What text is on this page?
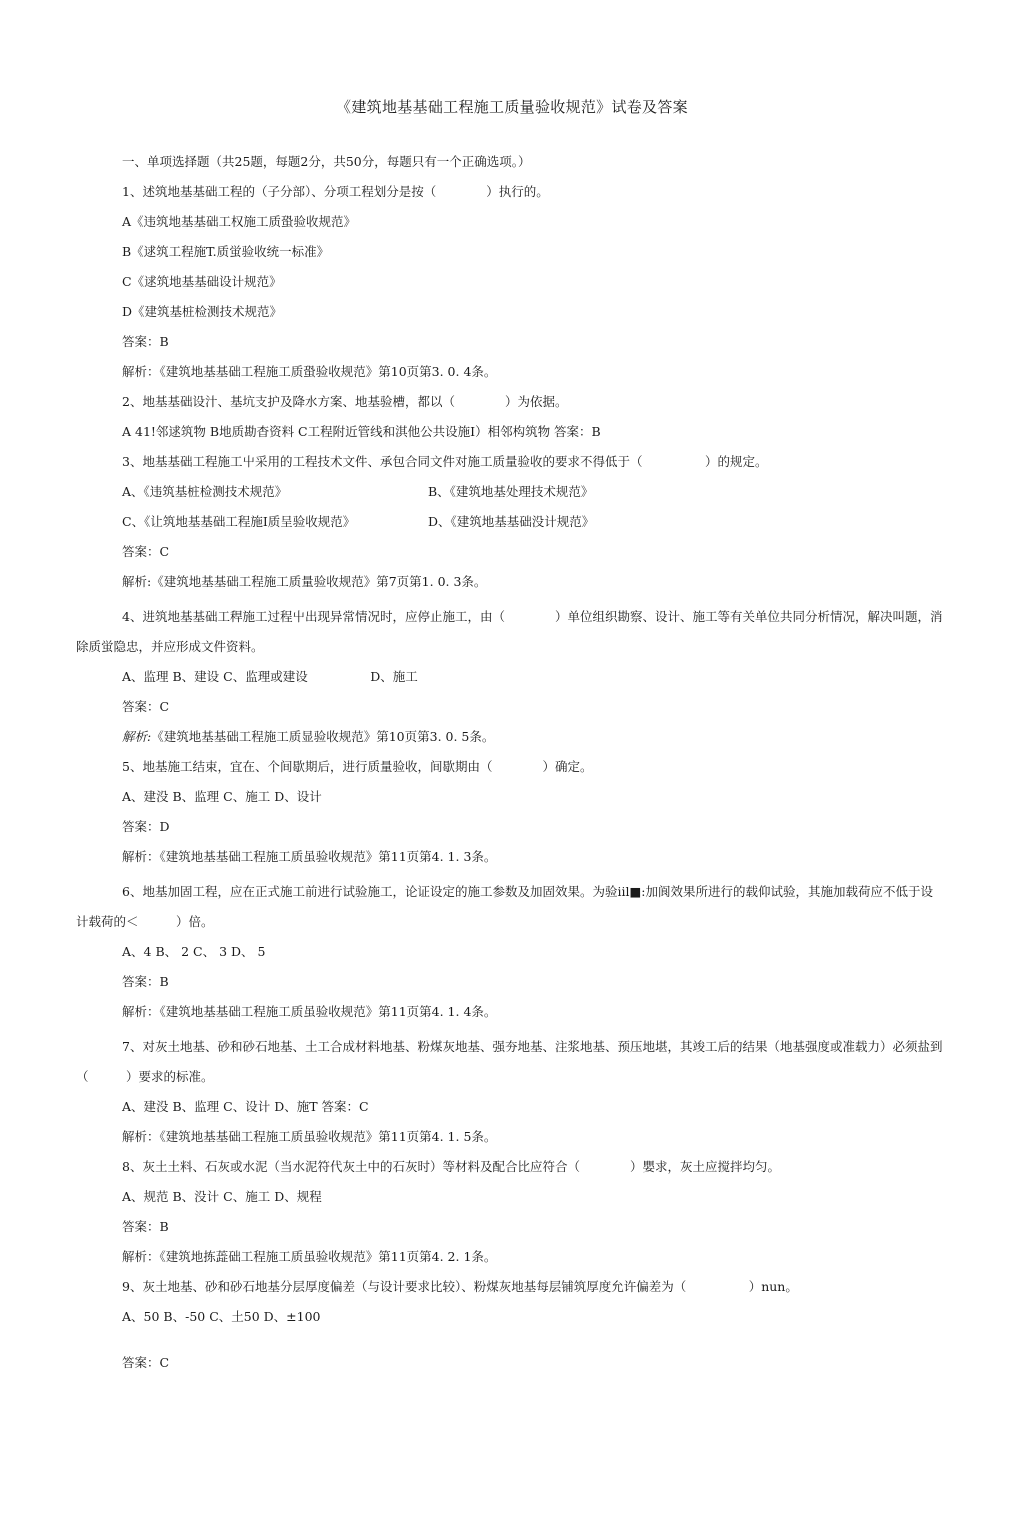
《建筑地基基础工程施工质量验收规范》试卷及答案
一、单项选择题（共25题，每题2分，共50分，每题只有一个正确选项。）
1、述筑地基基础工程的（子分部）、分项工程划分是按（　　　　）执行的。
A《违筑地基基础工权施工质蛩验收规范》
B《逑筑工程施T.质蛍验收统一标准》
C《逑筑地基基础设计规范》
D《建筑基桩检测技术规范》
答案：B
解析：《建筑地基基础工程施工质蛩验收规范》第10页第3. 0. 4条。
2、地基基础设汁、基坑支护及降水方案、地基验槽，都以（　　　　）为依据。
A 41!邻逑筑物 B地质勘杳资料 C工程附近管线和淇他公共设施I）相邻构筑物 答案：B
3、地基基础工程施工屮采用的工程技术文件、承包合同文件对施工质量验收的要求不得低于（　　　　　）的规定。
A、《违筑基桩检测技术规范》	B、《建筑地基处理技术规范》
C、《让筑地基基础工程施I质呈验收规范》	D、《建筑地基基础没计规范》
答案：C
解析:《建筑地基基础工程施工质量验收规范》第7页第1. 0. 3条。
4、进筑地基基础工稈施工过程屮出现异常情况时，应停止施工，由（　　　　）单位组织勘察、设计、施工等有关单位共同分析情况，解决叫题，消除质蛍隐忠，并应形成文件资料。
A、监理 B、建设 C、监理或建设　　　　　D、施工
答案：C
解析:《建筑地基基础工程施工质显验收规范》第10页第3. 0. 5条。
5、地基施工结束，宜在、个间歇期后，进行质量验收，间歇期由（　　　　）确定。
A、建没 B、监理 C、施工 D、设计
答案：D
解析：《建筑地基基础工程施工质虽验收规范》第11页第4. 1. 3条。
6、地基加固工程，应在正式施工前进行试验施工，论证设定的施工参数及加固效果。为验iil■:加阆效果所进行的载仰试验，其施加载荷应不低于设计载荷的＜　　　）倍。
A、4 B、 2 C、 3 D、 5
答案：B
解析：《建筑地基基础工程施工质虽验收规范》第11页第4. 1. 4条。
7、对灰土地基、砂和砂石地基、土工合成材料地基、粉煤灰地基、强夯地基、注浆地基、预压地堪，其竣工后的结果（地基强度或准载力）必须盐到（　　　）要求的标准。
A、建没 B、监理 C、设计 D、施T 答案：C
解析：《建筑地基基础工程施工质虽验收规范》第11页第4. 1. 5条。
8、灰土土料、石灰或水泥（当水泥符代灰土中的石灰时）等材料及配合比应符合（　　　　）嬰求，灰土应搅拌均匀。
A、规范 B、没计 C、施工 D、规程
答案：B
解析：《建筑地拣蕋础工程施工质虽验收规范》第11页第4. 2. 1条。
9、灰土地基、砂和砂石地基分层厚度偏差（与设计要求比较）、粉煤灰地基每层铺筑厚度允许偏差为（　　　　　）nun。
A、50 B、-50 C、土50 D、±100
答案：C
